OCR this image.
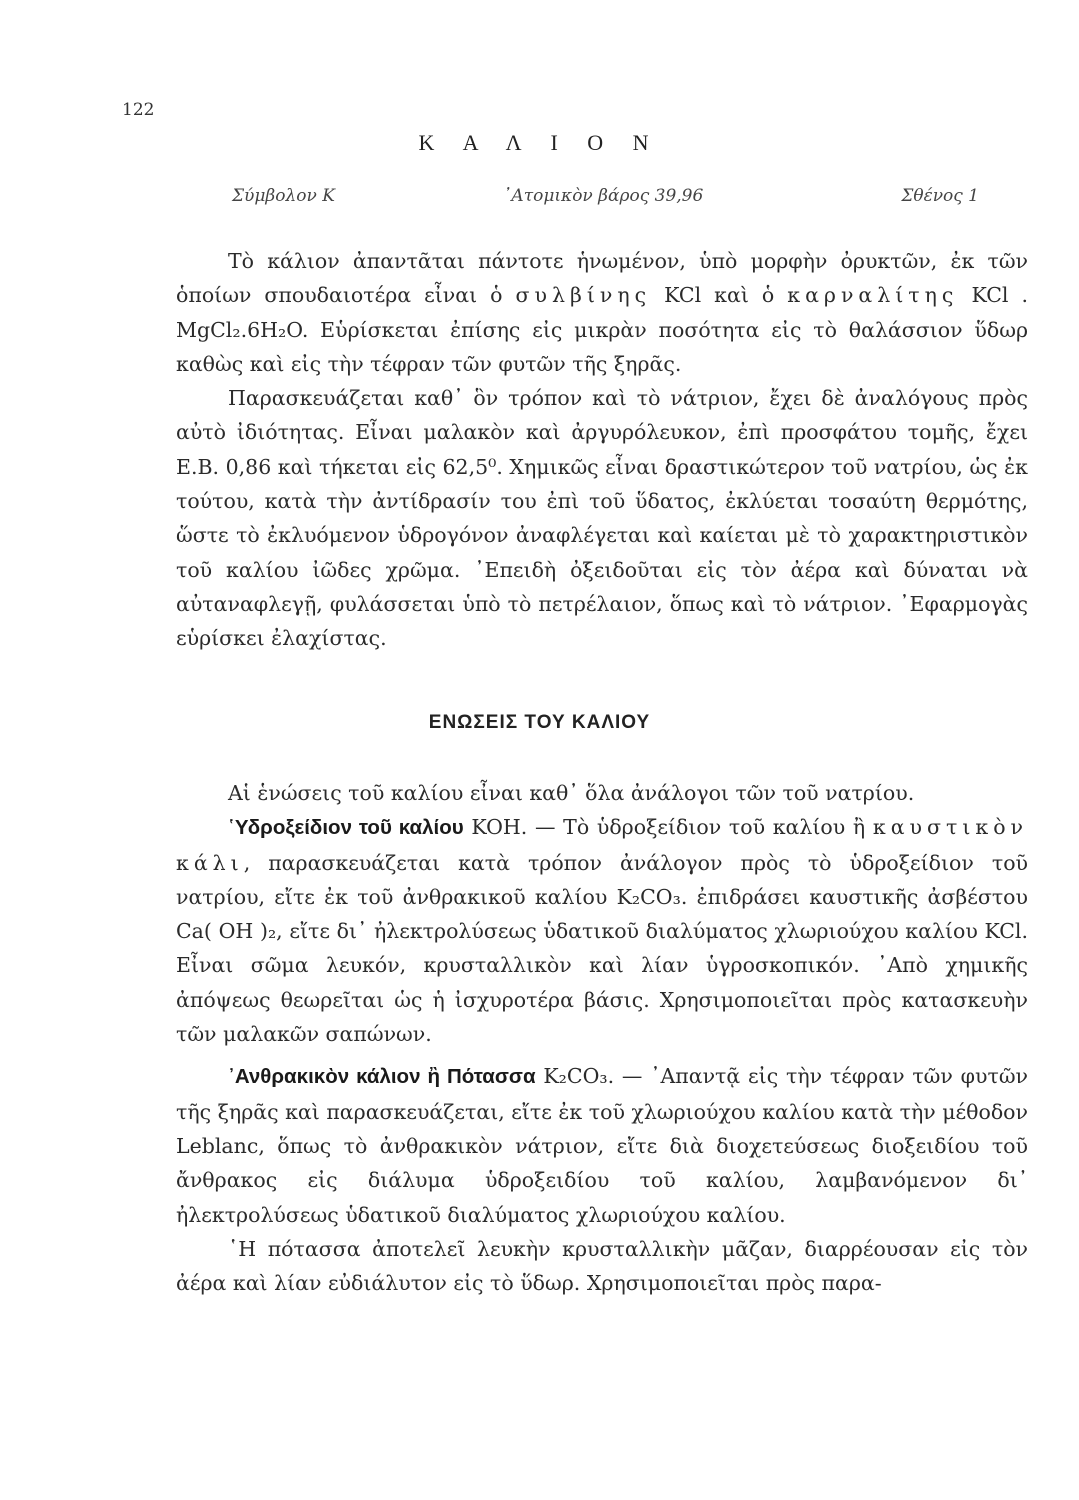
122
Κ Α Λ Ι Ο Ν
Σύμβολον Κ	᾽Ατομικὸν βάρος 39,96	Σθένος 1

Τὸ κάλιον ἀπαντᾶται πάντοτε ἡνωμένον, ὑπὸ μορφὴν ὀρυκτῶν, ἐκ τῶν ὁποίων σπουδαιοτέρα εἶναι ὁ συλβίνης KCl καὶ ὁ καρναλίτης KCl . MgCl₂.6H₂O. Εὑρίσκεται ἐπίσης εἰς μικρὰν ποσότητα εἰς τὸ θαλάσσιον ὕδωρ καθὼς καὶ εἰς τὴν τέφραν τῶν φυτῶν τῆς ξηρᾶς.

Παρασκευάζεται καθ᾽ ὃν τρόπον καὶ τὸ νάτριον, ἔχει δὲ ἀναλόγους πρὸς αὐτὸ ἰδιότητας. Εἶναι μαλακὸν καὶ ἀργυρόλευκον, ἐπὶ προσφάτου τομῆς, ἔχει Ε.Β. 0,86 καὶ τήκεται εἰς 62,5⁰. Χημικῶς εἶναι δραστικώτερον τοῦ νατρίου, ὡς ἐκ τούτου, κατὰ τὴν ἀντίδρασίν του ἐπὶ τοῦ ὕδατος, ἐκλύεται τοσαύτη θερμότης, ὥστε τὸ ἐκλυόμενον ὑδρογόνον ἀναφλέγεται καὶ καίεται μὲ τὸ χαρακτηριστικὸν τοῦ καλίου ἰῶδες χρῶμα. ᾽Επειδὴ ὀξειδοῦται εἰς τὸν ἀέρα καὶ δύναται νὰ αὐταναφλεγῇ, φυλάσσεται ὑπὸ τὸ πετρέλαιον, ὅπως καὶ τὸ νάτριον. ᾽Εφαρμογὰς εὑρίσκει ἐλαχίστας.

ΕΝΩΣΕΙΣ ΤΟΥ ΚΑΛΙΟΥ

Αἱ ἑνώσεις τοῦ καλίου εἶναι καθ᾽ ὅλα ἀνάλογοι τῶν τοῦ νατρίου.

῾Υδροξείδιον τοῦ καλίου KOH. — Τὸ ὑδροξείδιον τοῦ καλίου ἢ καυστικὸν κάλι, παρασκευάζεται κατὰ τρόπον ἀνάλογον πρὸς τὸ ὑδροξείδιον τοῦ νατρίου, εἴτε ἐκ τοῦ ἀνθρακικοῦ καλίου K₂CO₃. ἐπιδράσει καυστικῆς ἀσβέστου Ca( OH )₂, εἴτε δι᾽ ἠλεκτρολύσεως ὑδατικοῦ διαλύματος χλωριούχου καλίου KCl. Εἶναι σῶμα λευκόν, κρυσταλλικὸν καὶ λίαν ὑγροσκοπικόν. ᾽Απὸ χημικῆς ἀπόψεως θεωρεῖται ὡς ἡ ἰσχυροτέρα βάσις. Χρησιμοποιεῖται πρὸς κατασκευὴν τῶν μαλακῶν σαπώνων.

᾽Ανθρακικὸν κάλιον ἢ Πότασσα K₂CO₃. — ᾽Απαντᾷ εἰς τὴν τέφραν τῶν φυτῶν τῆς ξηρᾶς καὶ παρασκευάζεται, εἴτε ἐκ τοῦ χλωριούχου καλίου κατὰ τὴν μέθοδον Leblanc, ὅπως τὸ ἀνθρακικὸν νάτριον, εἴτε διὰ διοχετεύσεως διοξειδίου τοῦ ἄνθρακος εἰς διάλυμα ὑδροξειδίου τοῦ καλίου, λαμβανόμενον δι᾽ ἠλεκτρολύσεως ὑδατικοῦ διαλύματος χλωριούχου καλίου.

῾Η πότασσα ἀποτελεῖ λευκὴν κρυσταλλικὴν μᾶζαν, διαρρέουσαν εἰς τὸν ἀέρα καὶ λίαν εὐδιάλυτον εἰς τὸ ὕδωρ. Χρησιμοποιεῖται πρὸς παρα-
